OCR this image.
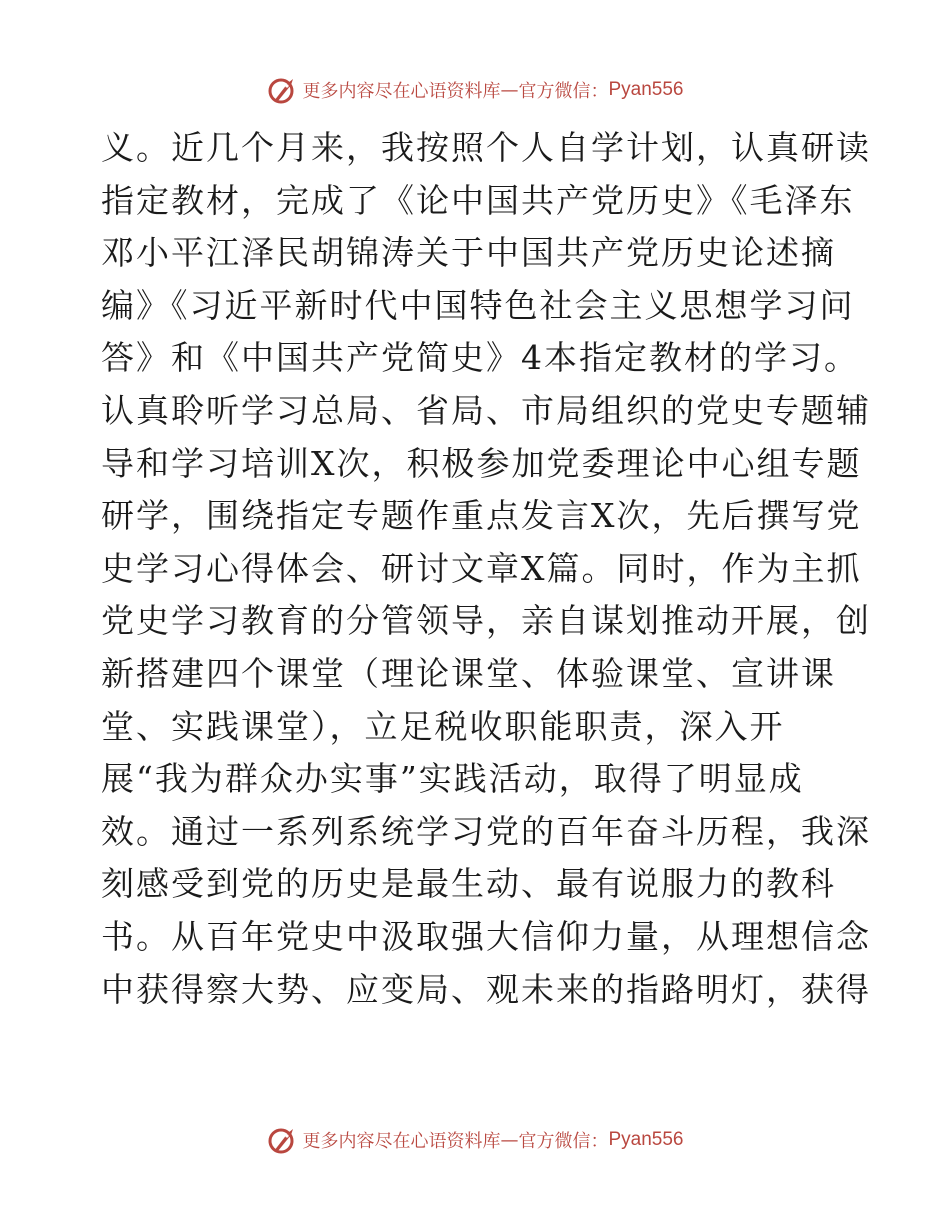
更多内容尽在心语资料库 — 官方微信： Pyan556
义。近几个月来，我按照个人自学计划，认真研读
指定教材，完成了《论中国共产党历史》《毛泽东
邓小平江泽民胡锦涛关于中国共产党历史论述摘
编》《习近平新时代中国特色社会主义思想学习问
答》和《中国共产党简史》4本指定教材的学习。
认真聆听学习总局、省局、市局组织的党史专题辅
导和学习培训X次，积极参加党委理论中心组专题
研学，围绕指定专题作重点发言X次，先后撰写党
史学习心得体会、研讨文章X篇。同时，作为主抓
党史学习教育的分管领导，亲自谋划推动开展，创
新搭建四个课堂（理论课堂、体验课堂、宣讲课
堂、实践课堂），立足税收职能职责，深入开
展“我为群众办实事”实践活动，取得了明显成
效。通过一系列系统学习党的百年奋斗历程，我深
刻感受到党的历史是最生动、最有说服力的教科
书。从百年党史中汲取强大信仰力量，从理想信念
中获得察大势、应变局、观未来的指路明灯，获得
更多内容尽在心语资料库 — 官方微信： Pyan556
